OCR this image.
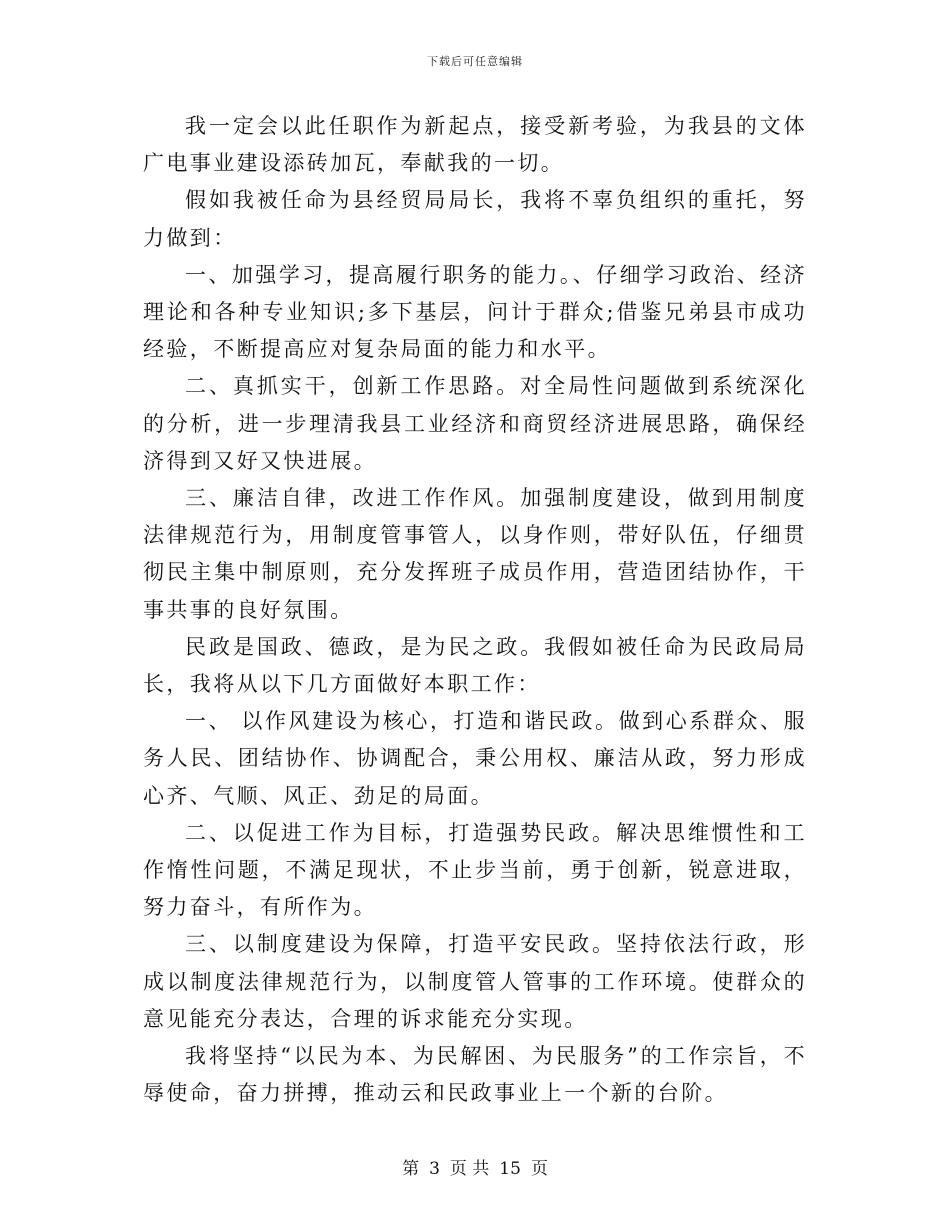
下载后可任意编辑

我一定会以此任职作为新起点，接受新考验，为我县的文体广电事业建设添砖加瓦，奉献我的一切。

假如我被任命为县经贸局局长，我将不辜负组织的重托，努力做到：

一、加强学习，提高履行职务的能力。、仔细学习政治、经济理论和各种专业知识;多下基层，问计于群众;借鉴兄弟县市成功经验，不断提高应对复杂局面的能力和水平。

二、真抓实干，创新工作思路。对全局性问题做到系统深化的分析，进一步理清我县工业经济和商贸经济进展思路，确保经济得到又好又快进展。

三、廉洁自律，改进工作作风。加强制度建设，做到用制度法律规范行为，用制度管事管人，以身作则，带好队伍，仔细贯彻民主集中制原则，充分发挥班子成员作用，营造团结协作，干事共事的良好氛围。

民政是国政、德政，是为民之政。我假如被任命为民政局局长，我将从以下几方面做好本职工作：

一、 以作风建设为核心，打造和谐民政。做到心系群众、服务人民、团结协作、协调配合，秉公用权、廉洁从政，努力形成心齐、气顺、风正、劲足的局面。

二、以促进工作为目标，打造强势民政。解决思维惯性和工作惰性问题，不满足现状，不止步当前，勇于创新，锐意进取，努力奋斗，有所作为。

三、以制度建设为保障，打造平安民政。坚持依法行政，形成以制度法律规范行为，以制度管人管事的工作环境。使群众的意见能充分表达，合理的诉求能充分实现。

我将坚持“以民为本、为民解困、为民服务”的工作宗旨，不辱使命，奋力拼搏，推动云和民政事业上一个新的台阶。

第 3 页 共 15 页
